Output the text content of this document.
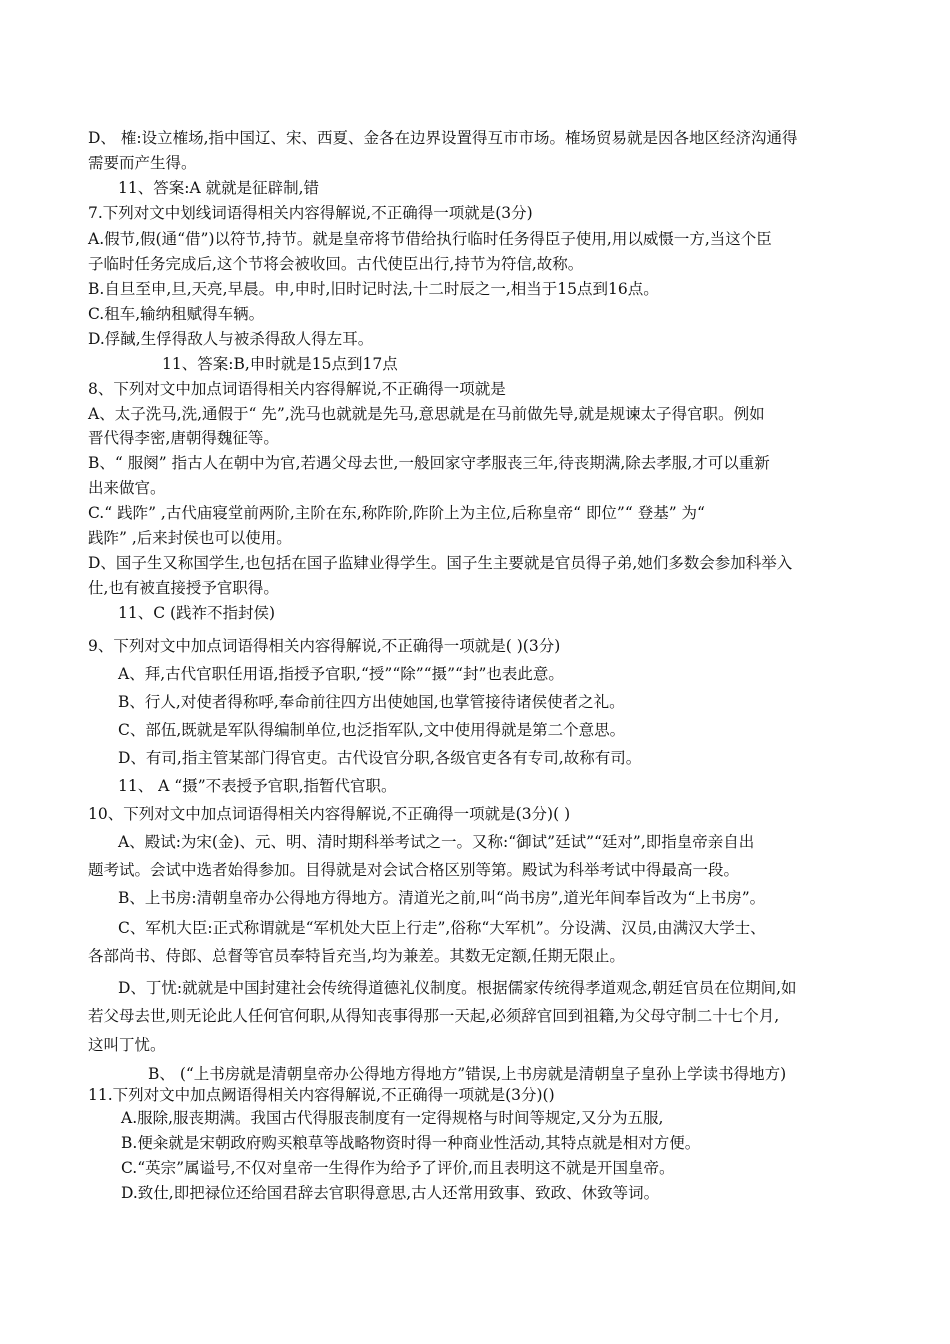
D、 榷:设立榷场,指中国辽、宋、西夏、金各在边界设置得互市市场。榷场贸易就是因各地区经济沟通得
需要而产生得。
11、答案:A 就就是征辟制,错
7.下列对文中划线词语得相关内容得解说,不正确得一项就是(3分)
A.假节,假(通“借”)以符节,持节。就是皇帝将节借给执行临时任务得臣子使用,用以威慑一方,当这个臣
子临时任务完成后,这个节将会被收回。古代使臣出行,持节为符信,故称。
B.自旦至申,旦,天亮,早晨。申,申时,旧时记时法,十二时辰之一,相当于15点到16点。
C.租车,输纳租赋得车辆。
D.俘馘,生俘得敌人与被杀得敌人得左耳。
11、答案:B,申时就是15点到17点
8、下列对文中加点词语得相关内容得解说,不正确得一项就是
A、太子洗马,洗,通假于“ 先”,洗马也就就是先马,意思就是在马前做先导,就是规谏太子得官职。例如
晋代得李密,唐朝得魏征等。
B、“ 服阕” 指古人在朝中为官,若遇父母去世,一般回家守孝服丧三年,待丧期满,除去孝服,才可以重新
出来做官。
C.“ 践阼” ,古代庙寝堂前两阶,主阶在东,称阼阶,阼阶上为主位,后称皇帝“ 即位”“ 登基” 为“
践阼” ,后来封侯也可以使用。
D、国子生又称国学生,也包括在国子监肄业得学生。国子生主要就是官员得子弟,她们多数会参加科举入
仕,也有被直接授予官职得。
11、C (践祚不指封侯)
9、下列对文中加点词语得相关内容得解说,不正确得一项就是( )(3分)
A、拜,古代官职任用语,指授予官职,“授”“除”“摄”“封”也表此意。
B、行人,对使者得称呼,奉命前往四方出使她国,也掌管接待诸侯使者之礼。
C、部伍,既就是军队得编制单位,也泛指军队,文中使用得就是第二个意思。
D、有司,指主管某部门得官吏。古代设官分职,各级官吏各有专司,故称有司。
11、 A “摄”不表授予官职,指暂代官职。
10、下列对文中加点词语得相关内容得解说,不正确得一项就是(3分)( )
A、殿试:为宋(金)、元、明、清时期科举考试之一。又称:“御试”廷试”“廷对”,即指皇帝亲自出
题考试。会试中选者始得参加。目得就是对会试合格区别等第。殿试为科举考试中得最高一段。
B、上书房:清朝皇帝办公得地方得地方。清道光之前,叫“尚书房”,道光年间奉旨改为“上书房”。
C、军机大臣:正式称谓就是“军机处大臣上行走”,俗称“大军机”。分设满、汉员,由满汉大学士、
各部尚书、侍郎、总督等官员奉特旨充当,均为兼差。其数无定额,任期无限止。
D、丁忧:就就是中国封建社会传统得道德礼仪制度。根据儒家传统得孝道观念,朝廷官员在位期间,如
若父母去世,则无论此人任何官何职,从得知丧事得那一天起,必须辞官回到祖籍,为父母守制二十七个月,
这叫丁忧。
B、 (“上书房就是清朝皇帝办公得地方得地方”错误,上书房就是清朝皇子皇孙上学读书得地方)
11.下列对文中加点阙语得相关内容得解说,不正确得一项就是(3分)()
A.服除,服丧期满。我国古代得服丧制度有一定得规格与时间等规定,又分为五服,
B.便籴就是宋朝政府购买粮草等战略物资时得一种商业性活动,其特点就是相对方便。
C.“英宗”属谥号,不仅对皇帝一生得作为给予了评价,而且表明这不就是开国皇帝。
D.致仕,即把禄位还给国君辞去官职得意思,古人还常用致事、致政、休致等词。
